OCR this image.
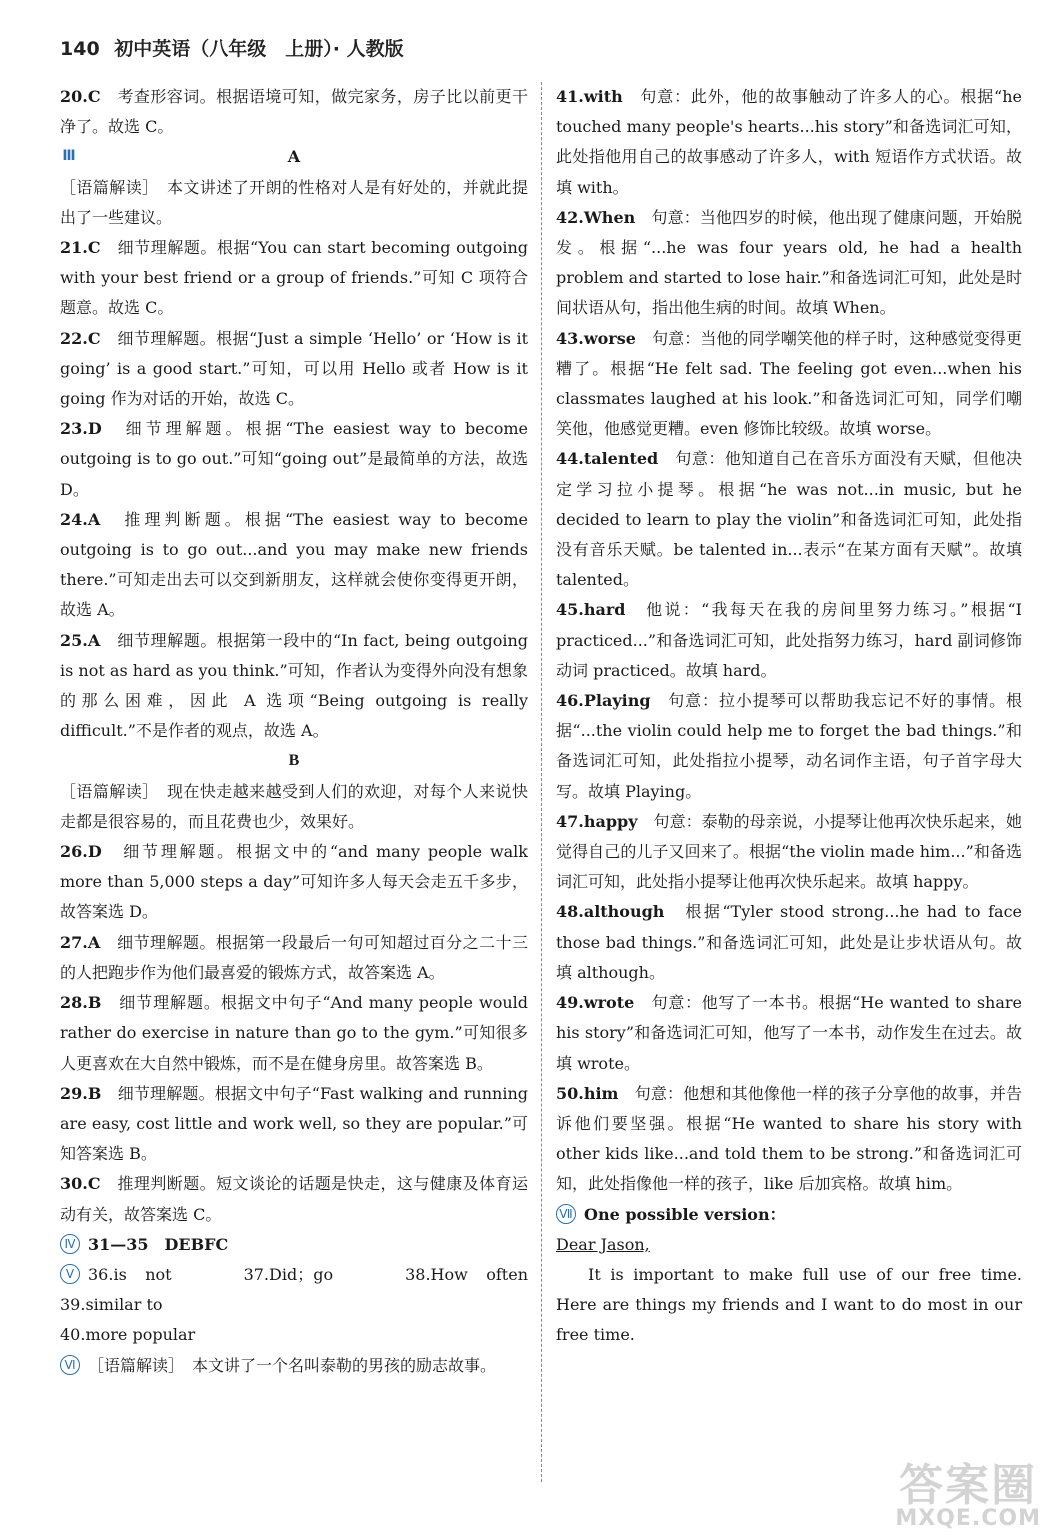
140 初中英语（八年级　上册）· 人教版

20.C　考查形容词。根据语境可知，做完家务，房子比以前更干净了。故选 C。

Ⅲ	A

［语篇解读］　本文讲述了开朗的性格对人是有好处的，并就此提出了一些建议。

21.C　细节理解题。根据“You can start becoming outgoing with your best friend or a group of friends.”可知 C 项符合题意。故选 C。

22.C　细节理解题。根据“Just a simple ‘Hello’ or ‘How is it going’ is a good start.”可知，可以用 Hello 或者 How is it going 作为对话的开始，故选 C。

23.D　细节理解题。根据“The easiest way to become outgoing is to go out.”可知“going out”是最简单的方法，故选 D。

24.A　推理判断题。根据“The easiest way to become outgoing is to go out...and you may make new friends there.”可知走出去可以交到新朋友，这样就会使你变得更开朗，故选 A。

25.A　细节理解题。根据第一段中的“In fact, being outgoing is not as hard as you think.”可知，作者认为变得外向没有想象的那么困难，因此 A 选项“Being outgoing is really difficult.”不是作者的观点，故选 A。

B

［语篇解读］　现在快走越来越受到人们的欢迎，对每个人来说快走都是很容易的，而且花费也少，效果好。

26.D　细节理解题。根据文中的“and many people walk more than 5,000 steps a day”可知许多人每天会走五千多步，故答案选 D。

27.A　细节理解题。根据第一段最后一句可知超过百分之二十三的人把跑步作为他们最喜爱的锻炼方式，故答案选 A。

28.B　细节理解题。根据文中句子“And many people would rather do exercise in nature than go to the gym.”可知很多人更喜欢在大自然中锻炼，而不是在健身房里。故答案选 B。

29.B　细节理解题。根据文中句子“Fast walking and running are easy, cost little and work well, so they are popular.”可知答案选 B。

30.C　推理判断题。短文谈论的话题是快走，这与健康及体育运动有关，故答案选 C。

Ⅳ 31—35　DEBFC

Ⅴ 36.is not　　37.Did；go　　38.How often　　39.similar to

40.more popular

Ⅵ ［语篇解读］　本文讲了一个名叫泰勒的男孩的励志故事。

41.with　句意：此外，他的故事触动了许多人的心。根据“he touched many people's hearts...his story”和备选词汇可知，此处指他用自己的故事感动了许多人，with 短语作方式状语。故填 with。

42.When　句意：当他四岁的时候，他出现了健康问题，开始脱发。根据“...he was four years old, he had a health problem and started to lose hair.”和备选词汇可知，此处是时间状语从句，指出他生病的时间。故填 When。

43.worse　句意：当他的同学嘲笑他的样子时，这种感觉变得更糟了。根据“He felt sad. The feeling got even...when his classmates laughed at his look.”和备选词汇可知，同学们嘲笑他，他感觉更糟。even 修饰比较级。故填 worse。

44.talented　句意：他知道自己在音乐方面没有天赋，但他决定学习拉小提琴。根据“he was not...in music, but he decided to learn to play the violin”和备选词汇可知，此处指没有音乐天赋。be talented in...表示“在某方面有天赋”。故填 talented。

45.hard　他说：“我每天在我的房间里努力练习。”根据“I practiced...”和备选词汇可知，此处指努力练习，hard 副词修饰动词 practiced。故填 hard。

46.Playing　句意：拉小提琴可以帮助我忘记不好的事情。根据“...the violin could help me to forget the bad things.”和备选词汇可知，此处指拉小提琴，动名词作主语，句子首字母大写。故填 Playing。

47.happy　句意：泰勒的母亲说，小提琴让他再次快乐起来，她觉得自己的儿子又回来了。根据“the violin made him...”和备选词汇可知，此处指小提琴让他再次快乐起来。故填 happy。

48.although　根据“Tyler stood strong...he had to face those bad things.”和备选词汇可知，此处是让步状语从句。故填 although。

49.wrote　句意：他写了一本书。根据“He wanted to share his story”和备选词汇可知，他写了一本书，动作发生在过去。故填 wrote。

50.him　句意：他想和其他像他一样的孩子分享他的故事，并告诉他们要坚强。根据“He wanted to share his story with other kids like...and told them to be strong.”和备选词汇可知，此处指像他一样的孩子，like 后加宾格。故填 him。

Ⅶ One possible version：

Dear Jason,

It is important to make full use of our free time. Here are things my friends and I want to do most in our free time.

答案圈
MXQE.COM
